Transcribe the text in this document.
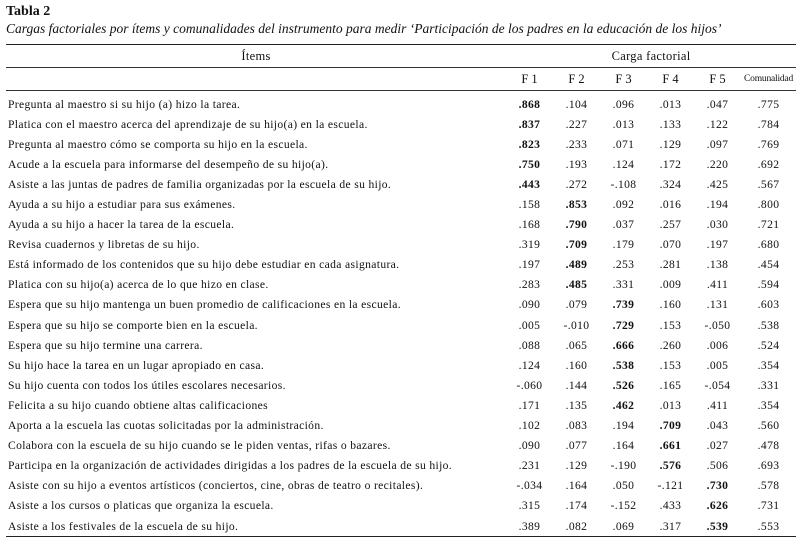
Tabla 2
Cargas factoriales por ítems y comunalidades del instrumento para medir ‘Participación de los padres en la educación de los hijos’
Ítems	Carga factorial					
	F 1	F 2	F 3	F 4	F 5	Comunalidad
Pregunta al maestro si su hijo (a) hizo la tarea.	.868	.104	.096	.013	.047	.775
Platica con el maestro acerca del aprendizaje de su hijo(a) en la escuela.	.837	.227	.013	.133	.122	.784
Pregunta al maestro cómo se comporta su hijo en la escuela.	.823	.233	.071	.129	.097	.769
Acude a la escuela para informarse del desempeño de su hijo(a).	.750	.193	.124	.172	.220	.692
Asiste a las juntas de padres de familia organizadas por la escuela de su hijo.	.443	.272	-.108	.324	.425	.567
Ayuda a su hijo a estudiar para sus exámenes.	.158	.853	.092	.016	.194	.800
Ayuda a su hijo a hacer la tarea de la escuela.	.168	.790	.037	.257	.030	.721
Revisa cuadernos y libretas de su hijo.	.319	.709	.179	.070	.197	.680
Está informado de los contenidos que su hijo debe estudiar en cada asignatura.	.197	.489	.253	.281	.138	.454
Platica con su hijo(a) acerca de lo que hizo en clase.	.283	.485	.331	.009	.411	.594
Espera que su hijo mantenga un buen promedio de calificaciones en la escuela.	.090	.079	.739	.160	.131	.603
Espera que su hijo se comporte bien en la escuela.	.005	-.010	.729	.153	-.050	.538
Espera que su hijo termine una carrera.	.088	.065	.666	.260	.006	.524
Su hijo hace la tarea en un lugar apropiado en casa.	.124	.160	.538	.153	.005	.354
Su hijo cuenta con todos los útiles escolares necesarios.	-.060	.144	.526	.165	-.054	.331
Felicita a su hijo cuando obtiene altas calificaciones	.171	.135	.462	.013	.411	.354
Aporta a la escuela las cuotas solicitadas por la administración.	.102	.083	.194	.709	.043	.560
Colabora con la escuela de su hijo cuando se le piden ventas, rifas o bazares.	.090	.077	.164	.661	.027	.478
Participa en la organización de actividades dirigidas a los padres de la escuela de su hijo.	.231	.129	-.190	.576	.506	.693
Asiste con su hijo a eventos artísticos (conciertos, cine, obras de teatro o recitales).	-.034	.164	.050	-.121	.730	.578
Asiste a los cursos o platicas que organiza la escuela.	.315	.174	-.152	.433	.626	.731
Asiste a los festivales de la escuela de su hijo.	.389	.082	.069	.317	.539	.553
